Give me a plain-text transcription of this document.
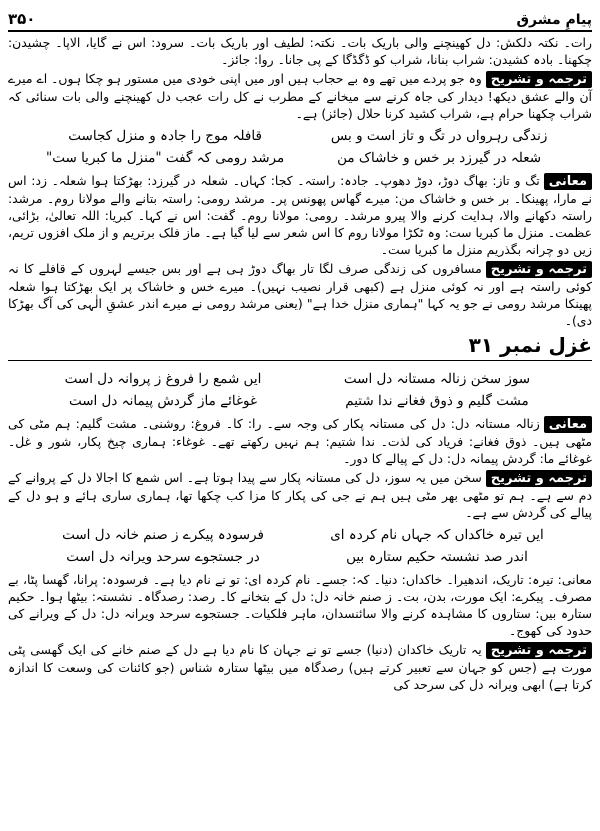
پیامِ مشرق
۳۵۰

رات۔ نکتہ دلکش: دل کھینچنے والی باریک بات۔ نکتہ: لطیف اور باریک بات۔ سرود: اس نے گایا، الاپا۔ چشیدن: چکھنا۔ بادہ کشیدن: شراب بنانا، شراب کو ڈگڈگا کے پی جانا۔ روا: جائز۔

ترجمہ و تشریحوہ جو پردے میں تھے وہ بے حجاب ہیں اور میں اپنی خودی میں مستور ہو چکا ہوں۔ اے میرے آن والے عشق دیکھ! دیدار کی جاہ کرنے سے میخانے کے مطرب نے کل رات عجب دل کھینچنے والی بات سنائی کہ شراب چکھنا حرام ہے، شراب کشید کرنا حلال (جائز) ہے۔

زندگی رہرواں در تگ و تاز است و بس
قافلہ موج را جادہ و منزل کجاست
شعلہ در گیرزد بر خس و خاشاک من
مرشد رومی کہ گفت "منزل ما کبریا ست"

معانیتگ و تاز: بھاگ دوڑ، دوڑ دھوپ۔ جادہ: راستہ۔ کجا: کہاں۔ شعلہ در گیرزد: بھڑکتا ہوا شعلہ۔ زد: اس نے مارا، پھینکا۔ بر خس و خاشاک من: میرے گھاس پھونس پر۔ مرشد رومی: راستہ بتانے والے مولانا روم۔ مرشد: راستہ دکھانے والا، ہدایت کرنے والا پیرو مرشد۔ رومی: مولانا روم۔ گفت: اس نے کہا۔ کبریا: اللہ تعالیٰ، بڑائی، عظمت۔ منزل ما کبریا ست: وہ ٹکڑا مولانا روم کا اس شعر سے لیا گیا ہے۔ ماز فلک برتریم و از ملک افزوں تریم، زیں دو چرانہ بگذریم منزل ما کبریا ست۔

ترجمہ و تشریحمسافروں کی زندگی صرف لگا تار بھاگ دوڑ ہی ہے اور بس جیسے لہروں کے قافلے کا نہ کوئی راستہ ہے اور نہ کوئی منزل ہے (کبھی قرار نصیب نہیں)۔ میرے خس و خاشاک پر ایک بھڑکتا ہوا شعلہ پھینکا مرشد رومی نے جو یہ کہا "ہماری منزل خدا ہے" (یعنی مرشد رومی نے میرے اندر عشقِ الٰہی کی آگ بھڑکا دی)۔

غزل نمبر ۳۱
سوز سخن زنالہ مستانہ دل است
ایں شمع را فروغ ز پروانہ دل است
مشت گلیم و ذوق فغانے ندا شتیم
غوغائے ماز گردش پیمانہ دل است

معانیزنالہ مستانہ دل: دل کی مستانہ پکار کی وجہ سے۔ را: کا۔ فروغ: روشنی۔ مشت گلیم: ہم مٹی کی مٹھی ہیں۔ ذوق فغانے: فریاد کی لذت۔ ندا شتیم: ہم نہیں رکھتے تھے۔ غوغاء: ہماری چیخ پکار، شور و غل۔ غوغائے ما: گردش پیمانہ دل: دل کے پیالے کا دور۔

ترجمہ و تشریحسخن میں یہ سوز، دل کی مستانہ پکار سے پیدا ہوتا ہے۔ اس شمع کا اجالا دل کے پروانے کے دم سے ہے۔ ہم تو مٹھی بھر مٹی ہیں ہم نے جی کی پکار کا مزا کب چکھا تھا، ہماری ساری ہائے و ہو دل کے پیالے کی گردش سے ہے۔

ایں تیرہ خاکداں کہ جہاں نام کردہ ای
فرسودہ پیکرے ز صنم خانہ دل است
اندر صد نشستہ حکیم ستارہ بیں
در جستجوے سرحد ویرانہ دل است

معانی: تیرہ: تاریک، اندھیرا۔ خاکداں: دنیا۔ کہ: جسے۔ نام کردہ ای: تو نے نام دیا ہے۔ فرسودہ: پرانا، گھسا پٹا، بے مصرف۔ پیکرے: ایک مورت، بدن، بت۔ ز صنم خانہ دل: دل کے بتخانے کا۔ رصد: رصدگاہ۔ نشستہ: بیٹھا ہوا۔ حکیم ستارہ بیں: ستاروں کا مشاہدہ کرنے والا سائنسدان، ماہر فلکیات۔ جستجوے سرحد ویرانہ دل: دل کے ویرانے کی حدود کی کھوج۔

ترجمہ و تشریحیہ تاریک خاکدان (دنیا) جسے تو نے جہان کا نام دیا ہے دل کے صنم خانے کی ایک گھسی پٹی مورت ہے (جس کو جہان سے تعبیر کرتے ہیں) رصدگاہ میں بیٹھا ستارہ شناس (جو کائنات کی وسعت کا اندازہ کرتا ہے) ابھی ویرانہ دل کی سرحد کی
